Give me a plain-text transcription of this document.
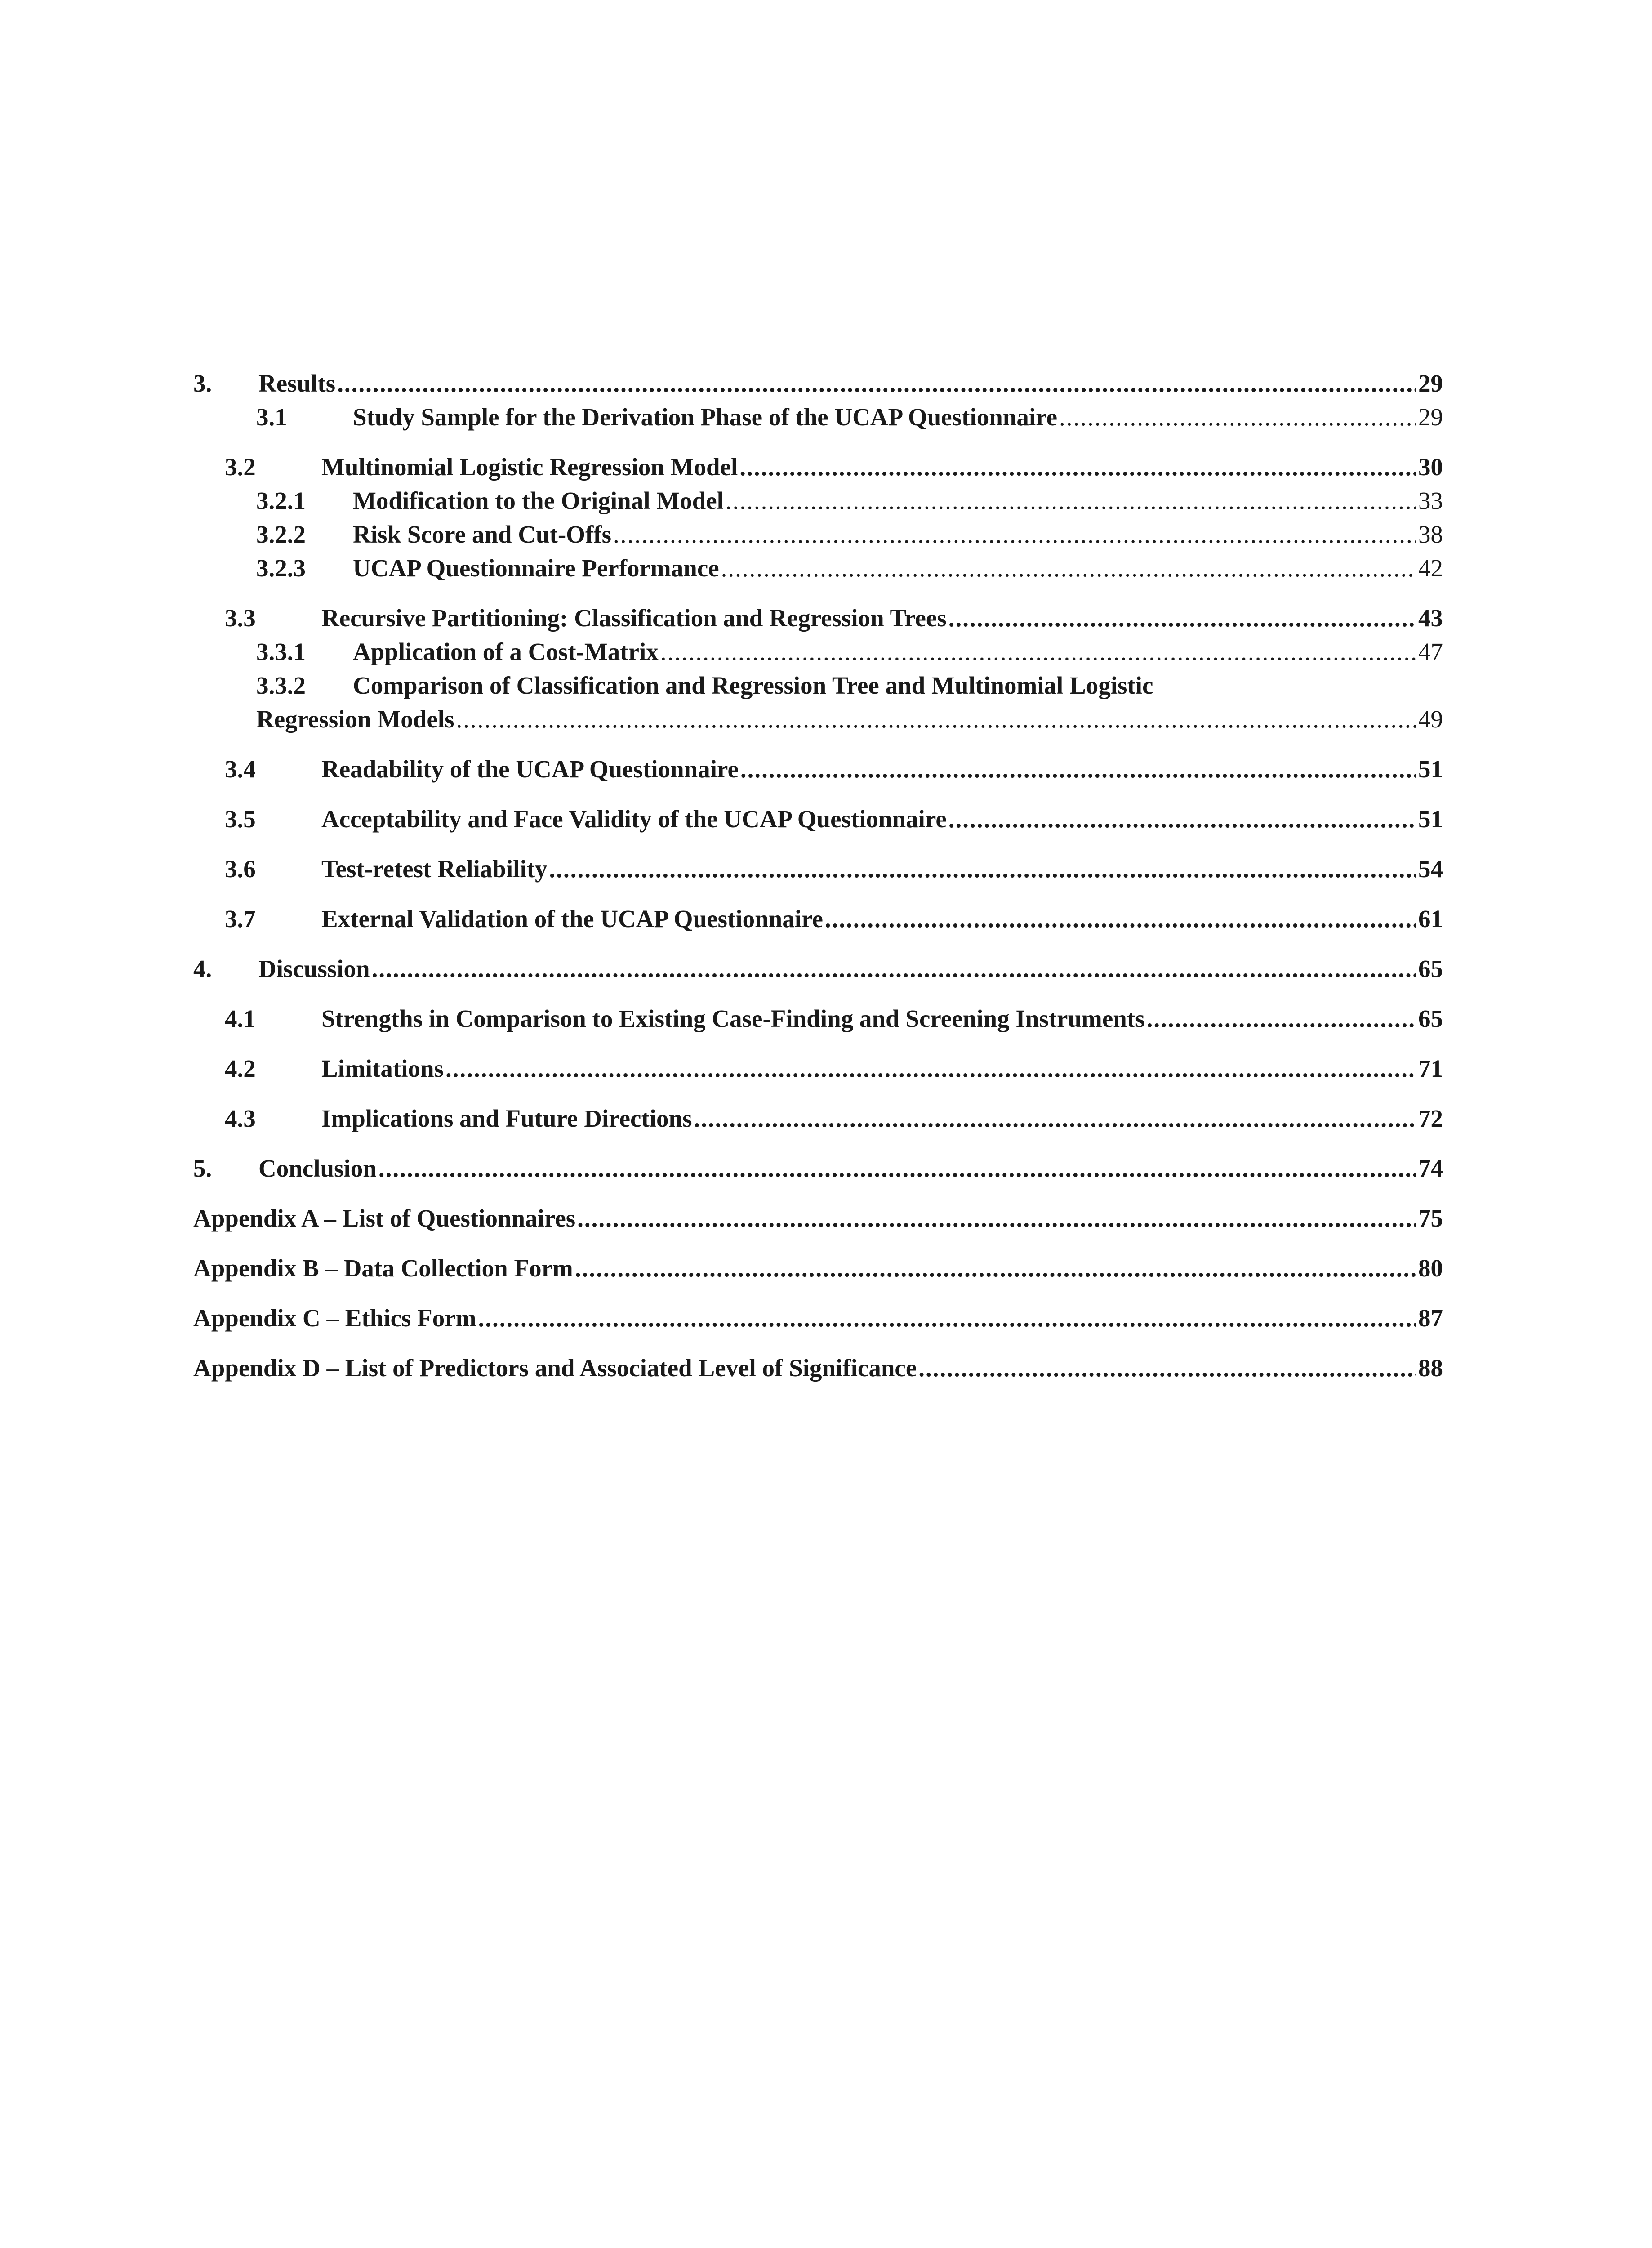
3.	Results .....	29
3.1	Study Sample for the Derivation Phase of the UCAP Questionnaire .....	29
3.2	Multinomial Logistic Regression Model .....	30
3.2.1	Modification to the Original Model .....	33
3.2.2	Risk Score and Cut-Offs .....	38
3.2.3	UCAP Questionnaire Performance .....	42
3.3	Recursive Partitioning: Classification and Regression Trees .....	43
3.3.1	Application of a Cost-Matrix .....	47
3.3.2	Comparison of Classification and Regression Tree and Multinomial Logistic
Regression Models .....	49
3.4	Readability of the UCAP Questionnaire .....	51
3.5	Acceptability and Face Validity of the UCAP Questionnaire .....	51
3.6	Test-retest Reliability .....	54
3.7	External Validation of the UCAP Questionnaire .....	61
4.	Discussion .....	65
4.1	Strengths in Comparison to Existing Case-Finding and Screening Instruments .....	65
4.2	Limitations .....	71
4.3	Implications and Future Directions .....	72
5.	Conclusion .....	74
Appendix A – List of Questionnaires .....	75
Appendix B – Data Collection Form .....	80
Appendix C – Ethics Form .....	87
Appendix D – List of Predictors and Associated Level of Significance .....	88
